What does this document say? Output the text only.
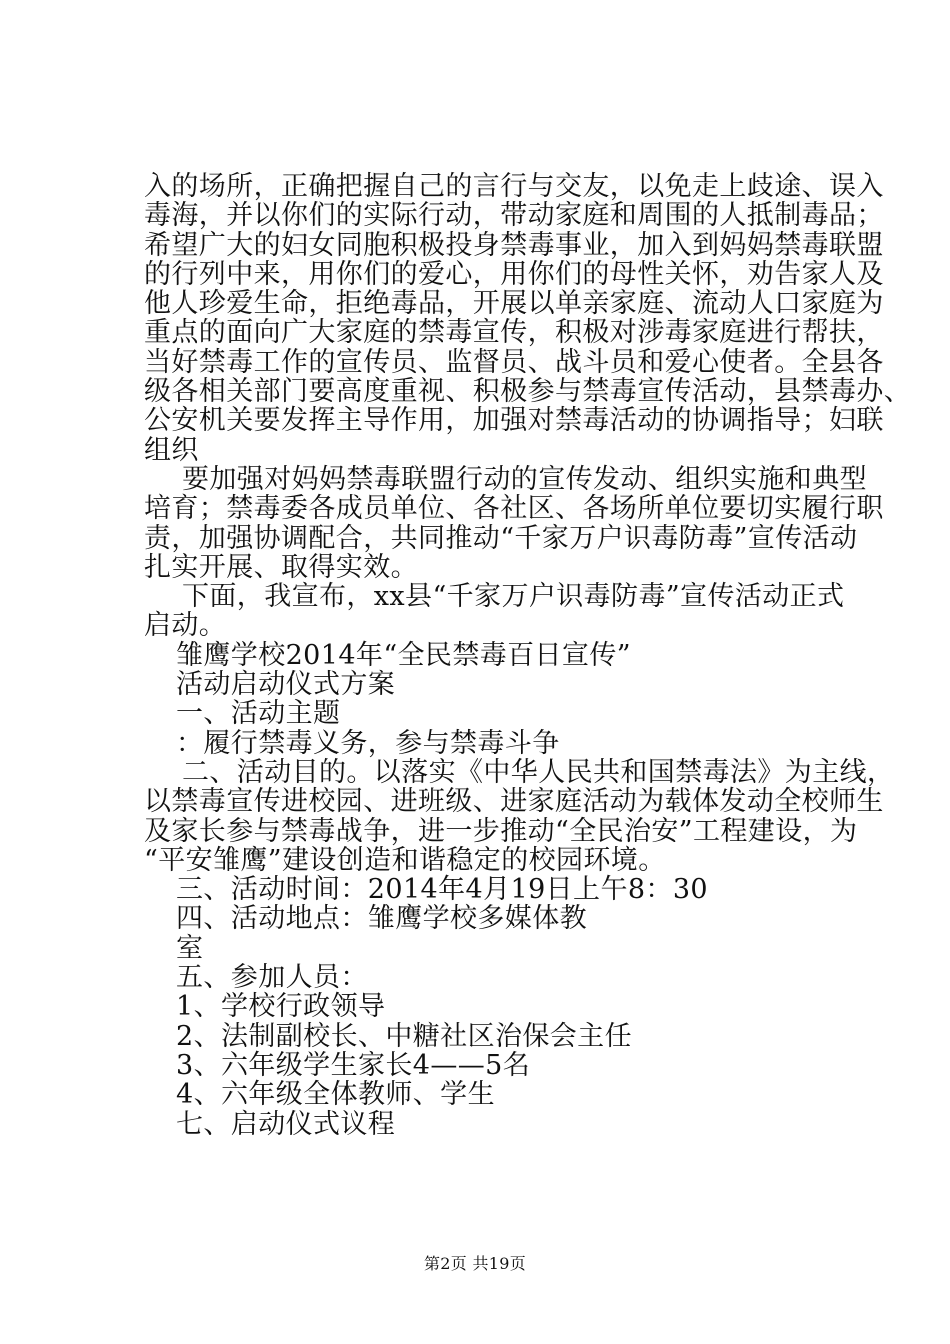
入的场所，正确把握自己的言行与交友，以免走上歧途、误入
毒海，并以你们的实际行动，带动家庭和周围的人抵制毒品；
希望广大的妇女同胞积极投身禁毒事业，加入到妈妈禁毒联盟
的行列中来，用你们的爱心，用你们的母性关怀，劝告家人及
他人珍爱生命，拒绝毒品，开展以单亲家庭、流动人口家庭为
重点的面向广大家庭的禁毒宣传，积极对涉毒家庭进行帮扶，
当好禁毒工作的宣传员、监督员、战斗员和爱心使者。全县各
级各相关部门要高度重视、积极参与禁毒宣传活动，县禁毒办、
公安机关要发挥主导作用，加强对禁毒活动的协调指导；妇联
组织
要加强对妈妈禁毒联盟行动的宣传发动、组织实施和典型
培育；禁毒委各成员单位、各社区、各场所单位要切实履行职
责，加强协调配合，共同推动“千家万户识毒防毒”宣传活动
扎实开展、取得实效。
下面，我宣布，xx县“千家万户识毒防毒”宣传活动正式
启动。
雏鹰学校2014年“全民禁毒百日宣传”
活动启动仪式方案
一、活动主题
：履行禁毒义务，参与禁毒斗争
二、活动目的。以落实《中华人民共和国禁毒法》为主线，
以禁毒宣传进校园、进班级、进家庭活动为载体发动全校师生
及家长参与禁毒战争，进一步推动“全民治安”工程建设，为
“平安雏鹰”建设创造和谐稳定的校园环境。
三、活动时间：2014年4月19日上午8：30
四、活动地点：雏鹰学校多媒体教
室
五、参加人员：
1、学校行政领导
2、法制副校长、中糖社区治保会主任
3、六年级学生家长4——5名
4、六年级全体教师、学生
七、启动仪式议程
第2页 共19页
